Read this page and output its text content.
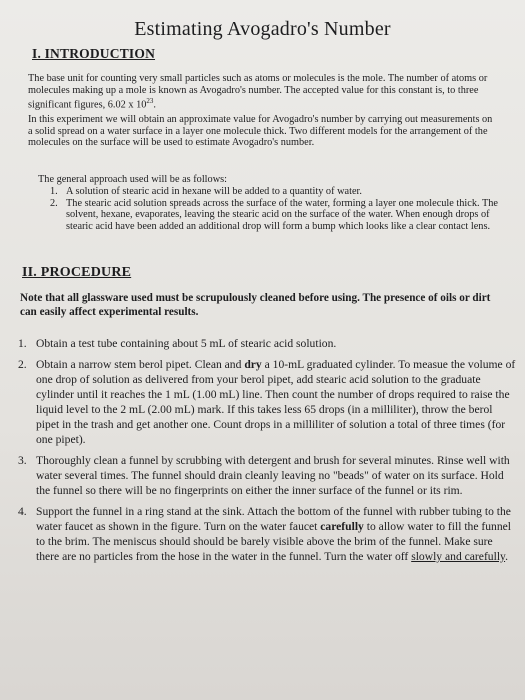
Estimating Avogadro's Number
I. INTRODUCTION
The base unit for counting very small particles such as atoms or molecules is the mole. The number of atoms or molecules making up a mole is known as Avogadro's number. The accepted value for this constant is, to three significant figures, 6.02 x $10^{23}$.
In this experiment we will obtain an approximate value for Avogadro's number by carrying out measurements on a solid spread on a water surface in a layer one molecule thick. Two different models for the arrangement of the molecules on the surface will be used to estimate Avogadro's number.
The general approach used will be as follows:
1. A solution of stearic acid in hexane will be added to a quantity of water.
2. The stearic acid solution spreads across the surface of the water, forming a layer one molecule thick. The solvent, hexane, evaporates, leaving the stearic acid on the surface of the water. When enough drops of stearic acid have been added an additional drop will form a bump which looks like a clear contact lens.
II. PROCEDURE
Note that all glassware used must be scrupulously cleaned before using. The presence of oils or dirt can easily affect experimental results.
1. Obtain a test tube containing about 5 mL of stearic acid solution.
2. Obtain a narrow stem berol pipet. Clean and dry a 10-mL graduated cylinder. To measue the volume of one drop of solution as delivered from your berol pipet, add stearic acid solution to the graduate cylinder until it reaches the 1 mL (1.00 mL) line. Then count the number of drops required to raise the liquid level to the 2 mL (2.00 mL) mark. If this takes less 65 drops (in a milliliter), throw the berol pipet in the trash and get another one. Count drops in a milliliter of solution a total of three times (for one pipet).
3. Thoroughly clean a funnel by scrubbing with detergent and brush for several minutes. Rinse well with water several times. The funnel should drain cleanly leaving no "beads" of water on its surface. Hold the funnel so there will be no fingerprints on either the inner surface of the funnel or its rim.
4. Support the funnel in a ring stand at the sink. Attach the bottom of the funnel with rubber tubing to the water faucet as shown in the figure. Turn on the water faucet carefully to allow water to fill the funnel to the brim. The meniscus should should be barely visible above the brim of the funnel. Make sure there are no particles from the hose in the water in the funnel. Turn the water off slowly and carefully.
